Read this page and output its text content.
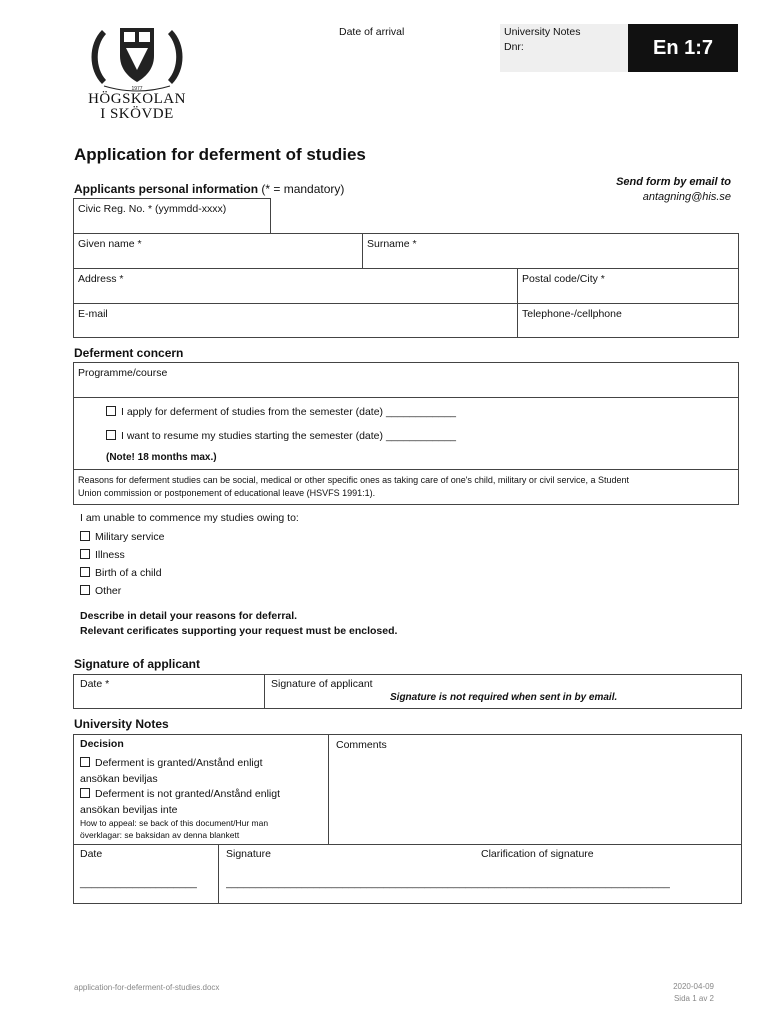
1977
HÖGSKOLAN
I SKÖVDE
Date of arrival	University Notes
Dnr:	En 1:7
Application for deferment of studies
Send form by email to
antagning@his.se
Applicants personal information (* = mandatory)
Civic Reg. No. * (yymmdd-xxxx)
Given name *	Surname *
Address *	Postal code/City *
E-mail	Telephone-/cellphone
Deferment concern
Programme/course
I apply for deferment of studies from the semester (date) ____________
I want to resume my studies starting the semester (date) ____________
(Note! 18 months max.)
Reasons for deferment studies can be social, medical or other specific ones as taking care of one's child, military or civil service, a Student
Union commission or postponement of educational leave (HSVFS 1991:1).
I am unable to commence my studies owing to:
Military service
Illness
Birth of a child
Other
Describe in detail your reasons for deferral.
Relevant cerificates supporting your request must be enclosed.
Signature of applicant
Date *	Signature of applicant
Signature is not required when sent in by email.
University Notes
Decision
Deferment is granted/Anstånd enligt
ansökan beviljas
Deferment is not granted/Anstånd enligt
ansökan beviljas inte
How to appeal: se back of this document/Hur man
överklagar: se baksidan av denna blankett
Comments
Date
____________________
Signature	Clarification of signature
____________________________________________________________________________
application-for-deferment-of-studies.docx	2020-04-09
Sida 1 av 2
